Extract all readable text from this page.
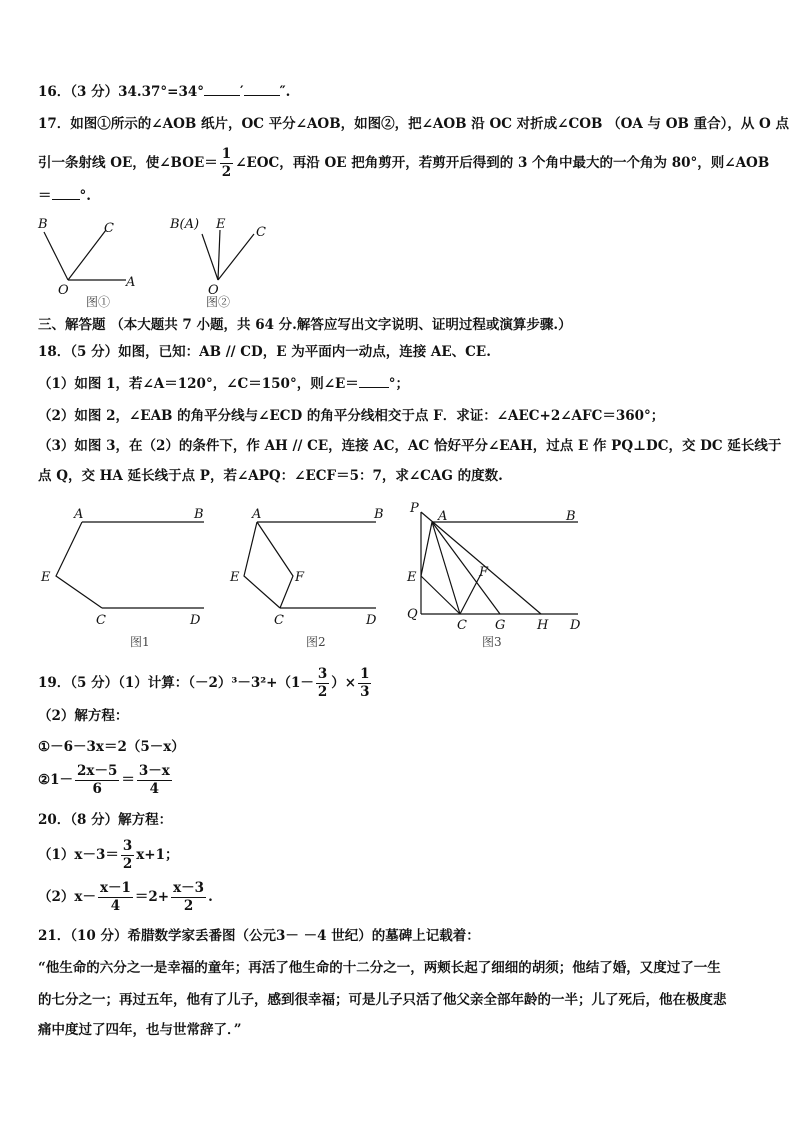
16．（3 分）34.37°=34°	′	″.
17．如图①所示的∠AOB 纸片，OC 平分∠AOB，如图②，把∠AOB 沿 OC 对折成∠COB （OA 与 OB 重合），从 O 点
引一条射线 OE，使∠BOE＝ $\frac{1}{2}$ ∠EOC，再沿 OE 把角剪开，若剪开后得到的 3 个角中最大的一个角为 80°，则∠AOB
＝ °.
B	C
O
A
图①
B(A) E
C
O
图②
三、解答题 （本大题共 7 小题，共 64 分.解答应写出文字说明、证明过程或演算步骤.）
18．（5 分）如图，已知：AB // CD，E 为平面内一动点，连接 AE、CE.
（1）如图 1，若∠A＝120°，∠C＝150°，则∠E＝ °；
（2）如图 2，∠EAB 的角平分线与∠ECD 的角平分线相交于点 F．求证：∠AEC+2∠AFC＝360°；
（3）如图 3，在（2）的条件下，作 AH // CE，连接 AC，AC 恰好平分∠EAH，过点 E 作 PQ⊥DC，交 DC 延长线于
点 Q，交 HA 延长线于点 P，若∠APQ：∠ECF＝5：7，求∠CAG 的度数.
A	B
E
C	D
图1
A	B
E	F
C	D
图2
P
A	B
E	F
Q
C G H D
图3
19．（5 分）（1）计算：$(-2)^3-3^2+(1- \frac{3}{2}$ ）× $\frac{1}{3}$
（2）解方程：
①－6－3x＝2（5－x）
②1－ $\frac{2x-5}{6} = \frac{3-x}{4}$
20．（8 分）解方程：
$(1)x-3= \frac{3}{2} x+1$；
$(2)x- \frac{x-1}{4} =2+ \frac{x-3}{2}$ .
21．（10 分）希腊数学家丢番图（公元3－ －4 世纪）的墓碑上记载着：
“他生命的六分之一是幸福的童年；再活了他生命的十二分之一，两颊长起了细细的胡须；他结了婚，又度过了一生
的七分之一；再过五年，他有了儿子，感到很幸福；可是儿子只活了他父亲全部年龄的一半；儿了死后，他在极度悲
痛中度过了四年，也与世常辞了．”
